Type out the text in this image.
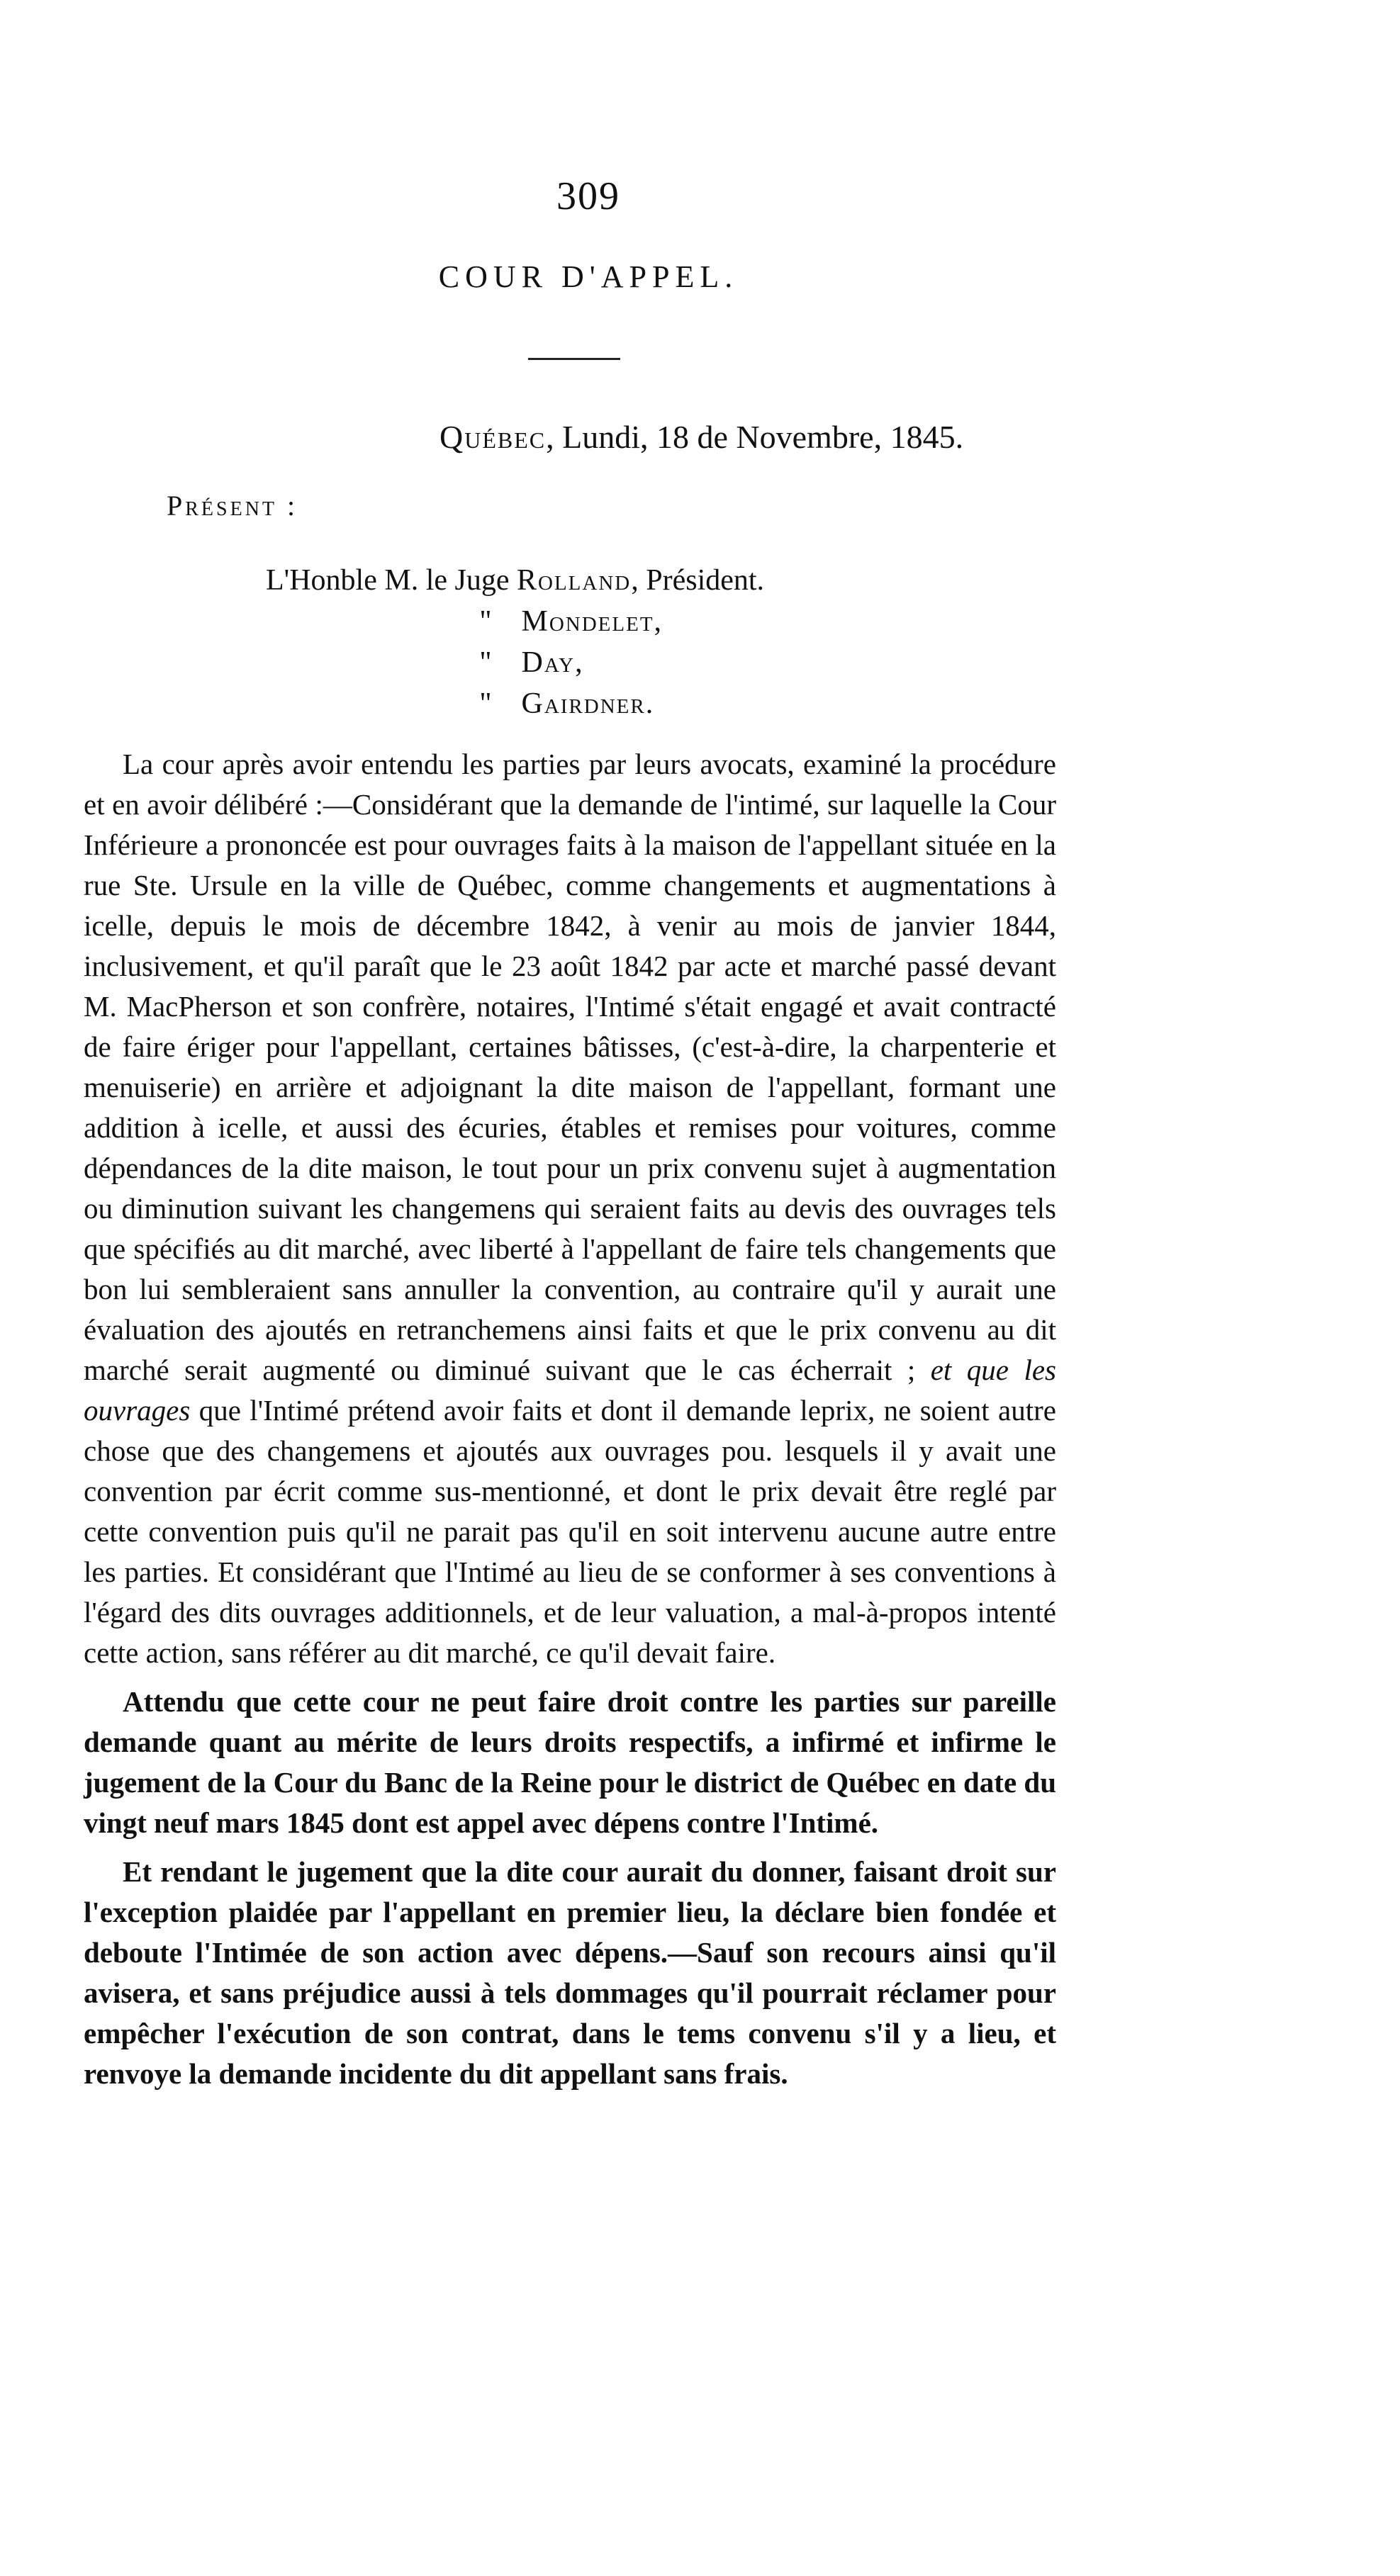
309
COUR D'APPEL.
Québec, Lundi, 18 de Novembre, 1845.
Présent :
L'Honble M. le Juge Rolland, Président.
" Mondelet,
" Day,
" Gairdner.

La cour après avoir entendu les parties par leurs avocats, examiné la procédure et en avoir délibéré :—Considérant que la demande de l'intimé, sur laquelle la Cour Inférieure a prononcée est pour ouvrages faits à la maison de l'appellant située en la rue Ste. Ursule en la ville de Québec, comme changements et augmentations à icelle, depuis le mois de décembre 1842, à venir au mois de janvier 1844, inclusivement, et qu'il paraît que le 23 août 1842 par acte et marché passé devant M. MacPherson et son confrère, notaires, l'Intimé s'était engagé et avait contracté de faire ériger pour l'appellant, certaines bâtisses, (c'est-à-dire, la charpenterie et menuiserie) en arrière et adjoignant la dite maison de l'appellant, formant une addition à icelle, et aussi des écuries, étables et remises pour voitures, comme dépendances de la dite maison, le tout pour un prix convenu sujet à augmentation ou diminution suivant les changemens qui seraient faits au devis des ouvrages tels que spécifiés au dit marché, avec liberté à l'appellant de faire tels changements que bon lui sembleraient sans annuller la convention, au contraire qu'il y aurait une évaluation des ajoutés en retranchemens ainsi faits et que le prix convenu au dit marché serait augmenté ou diminué suivant que le cas écherrait ; et que les ouvrages que l'Intimé prétend avoir faits et dont il demande leprix, ne soient autre chose que des changemens et ajoutés aux ouvrages pou. lesquels il y avait une convention par écrit comme sus-mentionné, et dont le prix devait être reglé par cette convention puis qu'il ne parait pas qu'il en soit intervenu aucune autre entre les parties. Et considérant que l'Intimé au lieu de se conformer à ses conventions à l'égard des dits ouvrages additionnels, et de leur valuation, a mal-à-propos intenté cette action, sans référer au dit marché, ce qu'il devait faire.

Attendu que cette cour ne peut faire droit contre les parties sur pareille demande quant au mérite de leurs droits respectifs, a infirmé et infirme le jugement de la Cour du Banc de la Reine pour le district de Québec en date du vingt neuf mars 1845 dont est appel avec dépens contre l'Intimé.

Et rendant le jugement que la dite cour aurait du donner, faisant droit sur l'exception plaidée par l'appellant en premier lieu, la déclare bien fondée et deboute l'Intimée de son action avec dépens.—Sauf son recours ainsi qu'il avisera, et sans préjudice aussi à tels dommages qu'il pourrait réclamer pour empêcher l'exécution de son contrat, dans le tems convenu s'il y a lieu, et renvoye la demande incidente du dit appellant sans frais.
